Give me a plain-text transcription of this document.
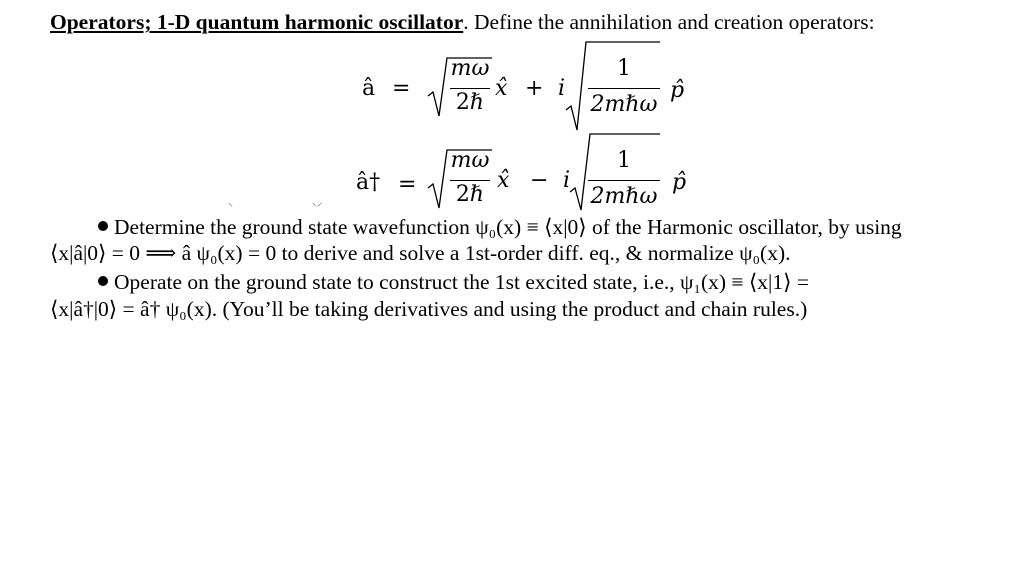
Operators; 1-D quantum harmonic oscillator. Define the annihilation and creation operators:
â =
mω
2ℏ
x̂ + i
1
2mℏω
p̂
â† =
mω
2ℏ
x̂ − i
1
2mℏω
p̂
⸌	⸌⸍
Determine the ground state wavefunction ψ₀(x) ≡ ⟨x|0⟩ of the Harmonic oscillator, by using
⟨x|â|0⟩ = 0 ⟹ â ψ₀(x) = 0 to derive and solve a 1st-order diff. eq., & normalize ψ₀(x).
Operate on the ground state to construct the 1st excited state, i.e., ψ₁(x) ≡ ⟨x|1⟩ =
⟨x|â†|0⟩ = â† ψ₀(x). (You’ll be taking derivatives and using the product and chain rules.)
